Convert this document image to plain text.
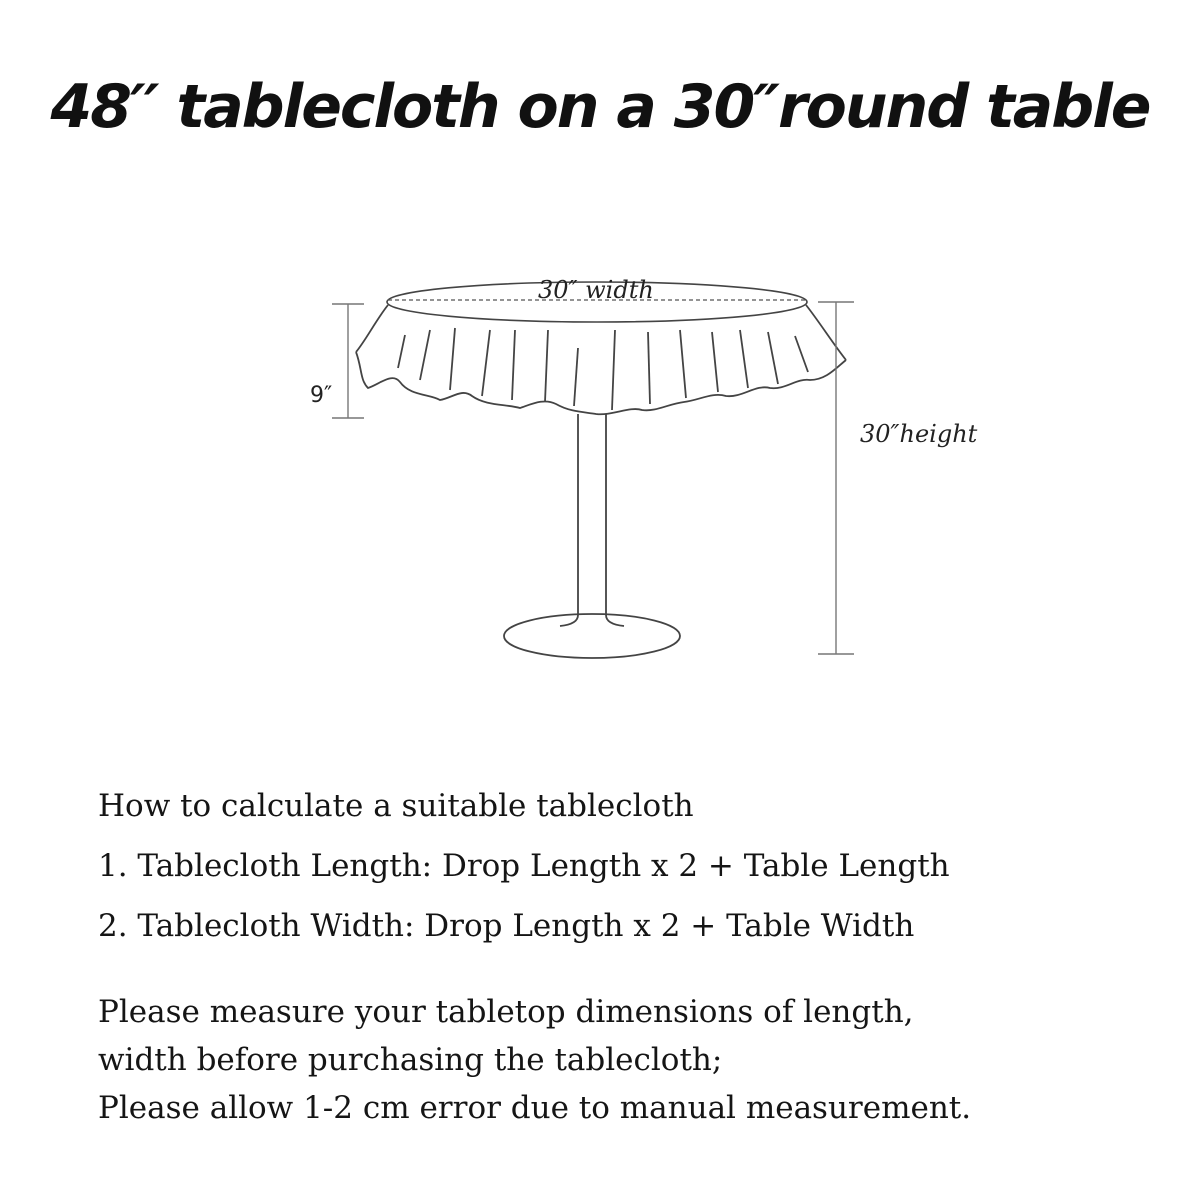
48′′ tablecloth on a 30″round table
30″ width
9″
30″height

How to calculate a suitable tablecloth

1. Tablecloth Length: Drop Length x 2 + Table Length

2. Tablecloth Width: Drop Length x 2 + Table Width

Please measure your tabletop dimensions of length,
width before purchasing the tablecloth;
Please allow 1-2 cm error due to manual measurement.
